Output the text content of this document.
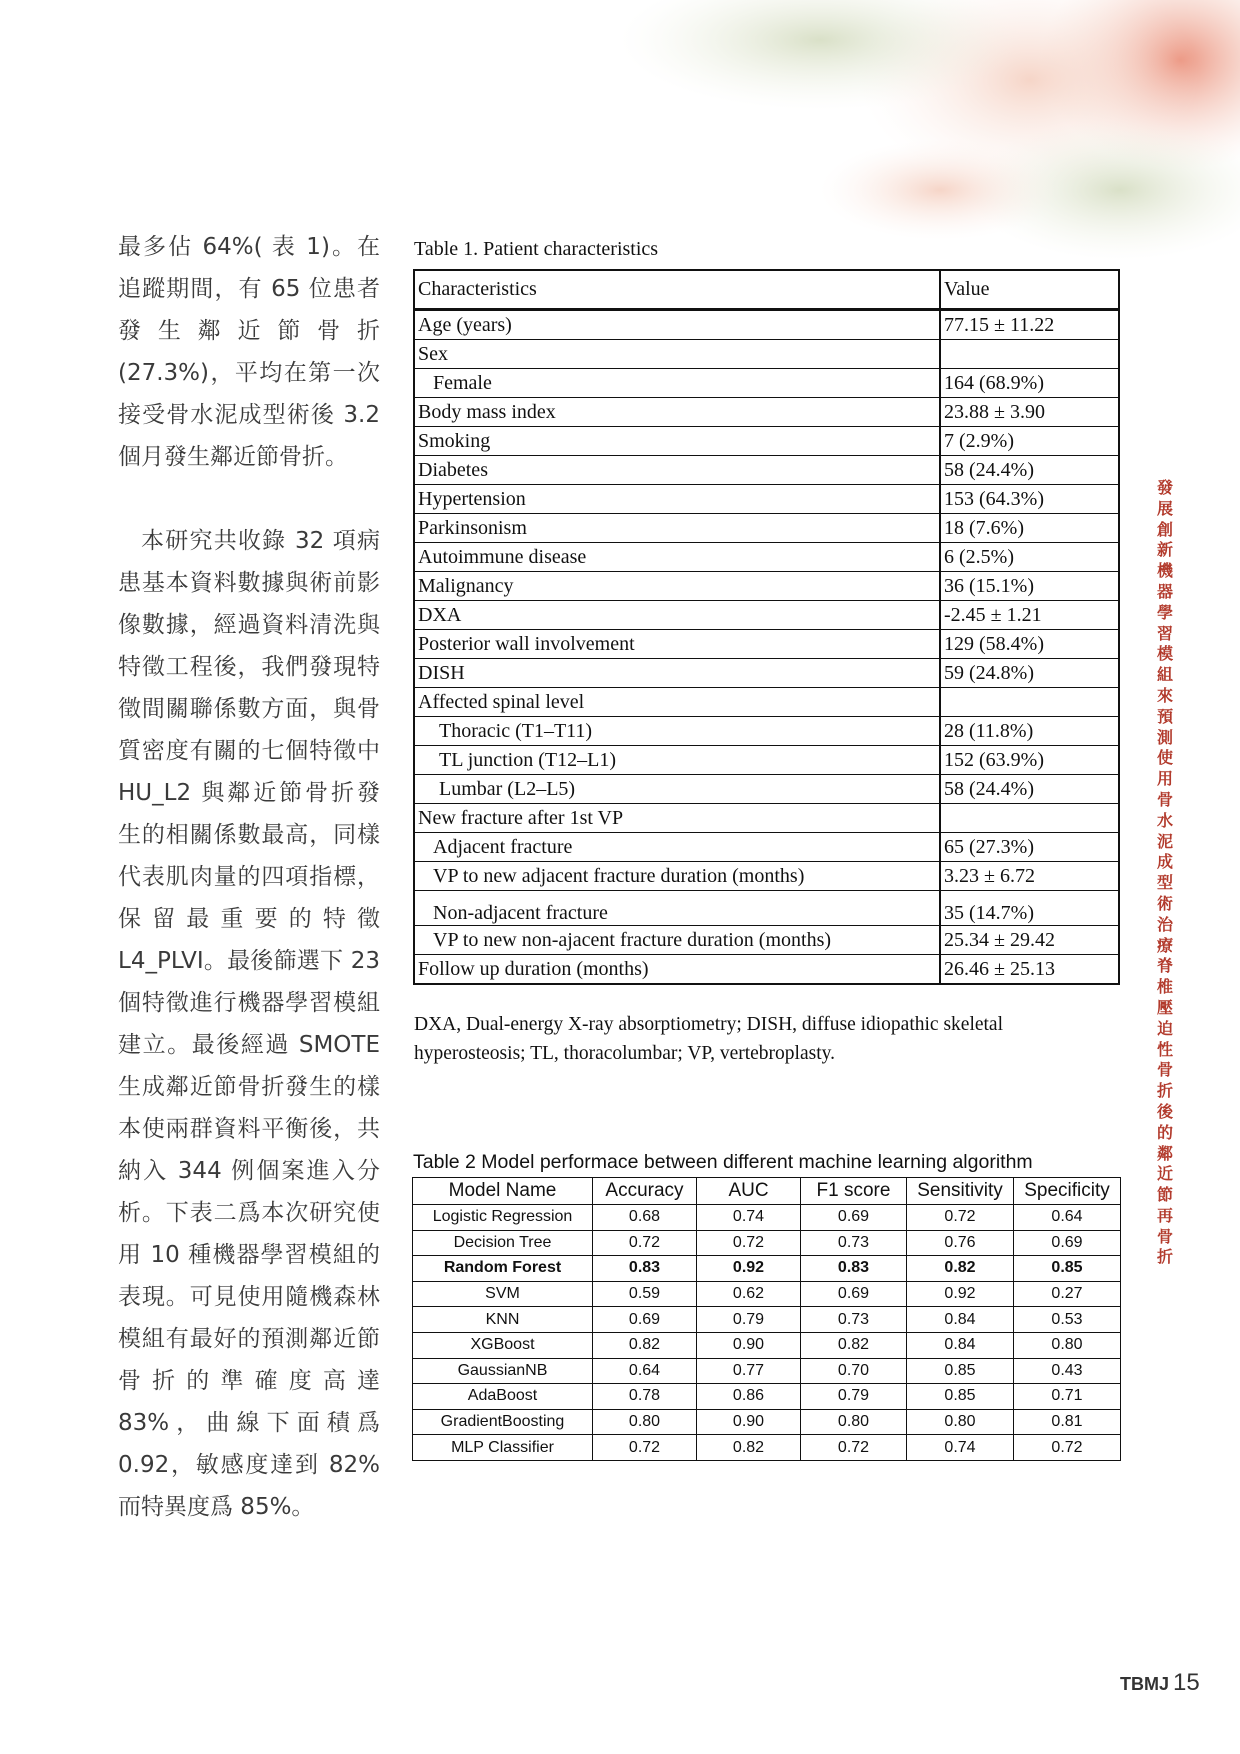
最多佔 64%( 表 1)。在追蹤期間，有 65 位患者發生鄰近節骨折 (27.3%)，平均在第一次接受骨水泥成型術後 3.2 個月發生鄰近節骨折。

本研究共收錄 32 項病患基本資料數據與術前影像數據，經過資料清洗與特徵工程後，我們發現特徵間關聯係數方面，與骨質密度有關的七個特徵中 HU_L2 與鄰近節骨折發生的相關係數最高，同樣代表肌肉量的四項指標，保留最重要的特徵 L4_PLVI。最後篩選下 23 個特徵進行機器學習模組建立。最後經過 SMOTE 生成鄰近節骨折發生的樣本使兩群資料平衡後，共納入 344 例個案進入分析。下表二爲本次研究使用 10 種機器學習模組的表現。可見使用隨機森林模組有最好的預測鄰近節骨折的準確度高達 83%，曲線下面積爲 0.92，敏感度達到 82% 而特異度爲 85%。

Table 1. Patient characteristics
Characteristics	Value
Age (years)	77.15 ± 11.22
Sex	
Female	164 (68.9%)
Body mass index	23.88 ± 3.90
Smoking	7 (2.9%)
Diabetes	58 (24.4%)
Hypertension	153 (64.3%)
Parkinsonism	18 (7.6%)
Autoimmune disease	6 (2.5%)
Malignancy	36 (15.1%)
DXA	-2.45 ± 1.21
Posterior wall involvement	129 (58.4%)
DISH	59 (24.8%)
Affected spinal level	
Thoracic (T1–T11)	28 (11.8%)
TL junction (T12–L1)	152 (63.9%)
Lumbar (L2–L5)	58 (24.4%)
New fracture after 1st VP	
Adjacent fracture	65 (27.3%)
VP to new adjacent fracture duration (months)	3.23 ± 6.72
Non-adjacent fracture	35 (14.7%)
VP to new non-ajacent fracture duration (months)	25.34 ± 29.42
Follow up duration (months)	26.46 ± 25.13
DXA, Dual-energy X-ray absorptiometry; DISH, diffuse idiopathic skeletal hyperosteosis; TL, thoracolumbar; VP, vertebroplasty.
Table 2 Model performace between different machine learning algorithm
Model Name	Accuracy	AUC	F1 score	Sensitivity	Specificity
Logistic Regression	0.68	0.74	0.69	0.72	0.64
Decision Tree	0.72	0.72	0.73	0.76	0.69
Random Forest	0.83	0.92	0.83	0.82	0.85
SVM	0.59	0.62	0.69	0.92	0.27
KNN	0.69	0.79	0.73	0.84	0.53
XGBoost	0.82	0.90	0.82	0.84	0.80
GaussianNB	0.64	0.77	0.70	0.85	0.43
AdaBoost	0.78	0.86	0.79	0.85	0.71
GradientBoosting	0.80	0.90	0.80	0.80	0.81
MLP Classifier	0.72	0.82	0.72	0.74	0.72
發展創新機器學習模組來預測使用骨水泥成型術治療脊椎壓迫性骨折後的鄰近節再骨折
TBMJ 15
